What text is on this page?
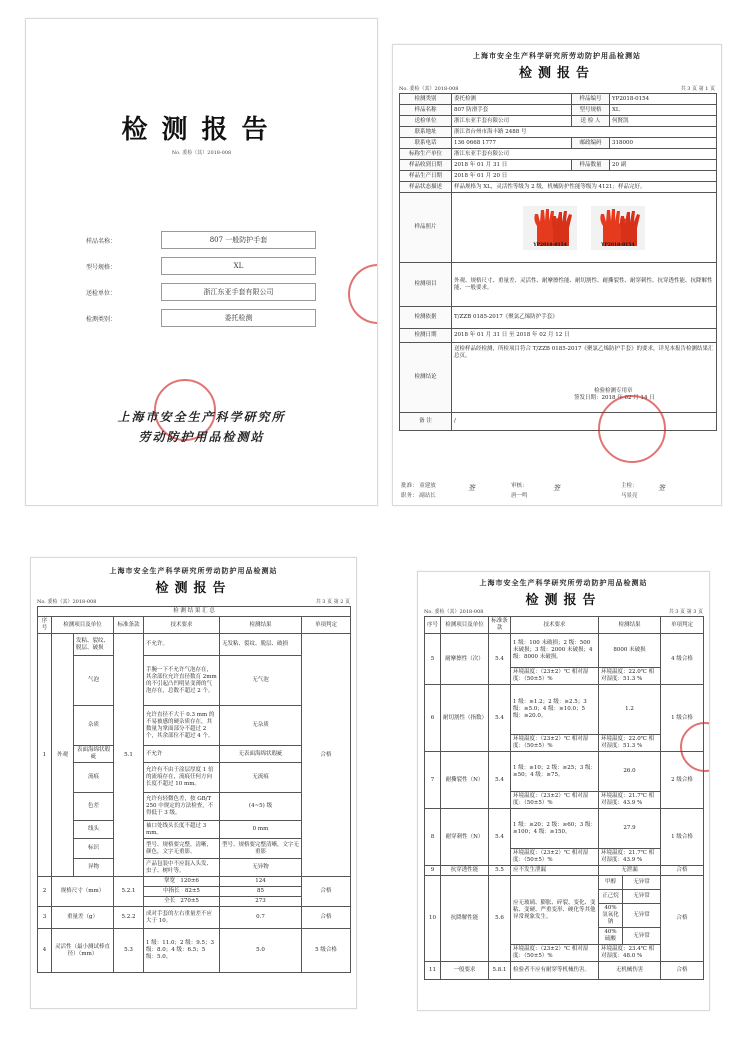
检测报告
No. 委检（其）2018-008
样品名称：	807 一般防护手套
型号规格：	XL
送检单位：	浙江东亚手套有限公司
检测类别：	委托检测
上海市安全生产科学研究所
劳动防护用品检测站
上海市安全生产科学研究所劳动防护用品检测站
检测报告
No. 委检（其）2018-008	共 3 页 第 1 页
检测类别	委托检测	样品编号	YP2018-0154
样品名称	807 防滑手套	型号规格	XL
送检单位	浙江东亚手套有限公司	送 检 人	何賢凯
联系地址	浙江省台州市海丰路 2488 号		
联系电话	136 0668 1777	邮政编码	318000
标称生产单位	浙江东亚手套有限公司		
样品收到日期	2018 年 01 月 31 日	样品数量	20 副
样品生产日期	2018 年 01 月 20 日		
样品状态描述	样品规格为 XL，灵活性等级为 2 级，机械防护性能等级为 4121；样品完好。		
样品照片	YP2018-0154
YP2018-0154		

检测项目	外观、规格尺寸、重量差、灵活性、耐摩擦性能、耐切割性、耐撕裂性、耐穿刺性、抗穿透性能、抗降解性能、一般要求。		
检测依据	T/ZZB 0185-2017《聚氯乙烯防护手套》		
检测日期	2018 年 01 月 31 日 至 2018 年 02 月 12 日		
检测结论	送检样品经检测，所检项目符合 T/ZZB 0185-2017《聚氯乙烯防护手套》的要求，详见本报告检测结果汇总页。
检验检测专用章
签发日期：2018 年 02 月 14 日		

备 注	/		
批准： 童建放
职务： 副站长
签	审核：
唐一鸣
签	主检：
马景亮
签
上海市安全生产科学研究所劳动防护用品检测站
检测报告
No. 委检（其）2018-008	共 3 页 第 2 页
检 测 结 果 汇 总						
序号	检测项目及单位		标准条款	技术要求	检测结果	单项判定
1	外观	发粘、裂纹、脱层、破损	5.1	不允许。	无发粘、裂纹、脱层、破损	合格
		气泡		手腕一下不允许气泡存在，其余部位允许直径数育 2mm 的不引起凸凹明显变薄的气泡存在，总数不超过 2 个。	无气泡	
		杂质		允许直径不大于 0.3 mm 的不易被感的硬杂质存在，其数量为掌面部分不超过 2 个，其余部位不超过 4 个。	无杂质	
		表面海绵状瑕疵		不允许	无表面海绵状瑕疵	
		流痕		允许有不由于涂层厚度 1 倍的流痕存在，流痕任何方向长度不超过 10 mm。	无流痕	
		色差		允许有轻微色差，按 GB/T 250 中规定的方法检查，不得低于 3 级。	(4~5) 级	
		线头		袖口处线头长度不超过 3 mm。	0 mm	
		标识		型号、规格要完整，清晰，颜色，文字无重影。	型号、规格要完整清晰，文字无重影	
		异物		产品包装中不应混入头发、虫子、树叶等。	无异物	
2	规格尺寸（mm）		5.2.1	掌宽 120±6	124	合格
				中指长 82±5	85	
				全长 270±5	273	
3	重量差（g）		5.2.2	成对手套的左右重量差不应大于 10。	0.7	合格
4	灵活性（最小测试棒直径）（mm）		5.3	1 级：11.0；2 级：9.5；3 级：8.0；4 级：6.5；5 级：5.0。	5.0	5 级合格
上海市安全生产科学研究所劳动防护用品检测站
检测报告
No. 委检（其）2018-008	共 3 页 第 3 页
序号	检测项目及单位	标准条款	技术要求	检测结果		单项判定
5	耐摩擦性（次）	5.4	1 级：100 未破损；2 级：500 未破损；3 级：2000 未破损；4 级：8000 未破损。	8000 未破损		4 级合格
			环境温度：（23±2）℃ 相对湿度：（50±5）%	环境温度：22.0℃ 相对湿度：51.3 %		
6	耐切割性（指数）	5.4	1 级：≥1.2；2 级：≥2.5；3 级：≥5.0；4 级：≥10.0；5 级：≥20.0。	1.2		1 级合格
			环境温度：（23±2）℃ 相对湿度：（50±5）%	环境温度：22.0℃ 相对湿度：51.3 %		
7	耐撕裂性（N）	5.4	1 级：≥10；2 级：≥25；3 级：≥50；4 级：≥75。	26.0		2 级合格
			环境温度：（23±2）℃ 相对湿度：（50±5）%	环境温度：21.7℃ 相对湿度：43.9 %		
8	耐穿刺性（N）	5.4	1 级：≥20；2 级：≥60；3 级：≥100；4 级：≥150。	27.9		1 级合格
			环境温度：（23±2）℃ 相对湿度：（50±5）%	环境温度：21.7℃ 相对湿度：43.9 %		
9	抗穿透性能	5.5	应不发生泄漏	无泄漏		合格
10	抗降解性能	5.6	应无玻璃、膨胀、碎裂、变化、变粘、变硬、严重变形、硬化等其他异常现象发生。	甲醇	无异常	合格
				正己烷	无异常	
				40% 氢氧化钠	无异常	
				40% 硫酸	无异常	
			环境温度：（23±2）℃ 相对湿度：（50±5）%	环境温度：23.4℃ 相对湿度：48.0 %		
11	一般要求	5.8.1	检验者不应有耐穿等机械伤害。	无机械伤害		合格
